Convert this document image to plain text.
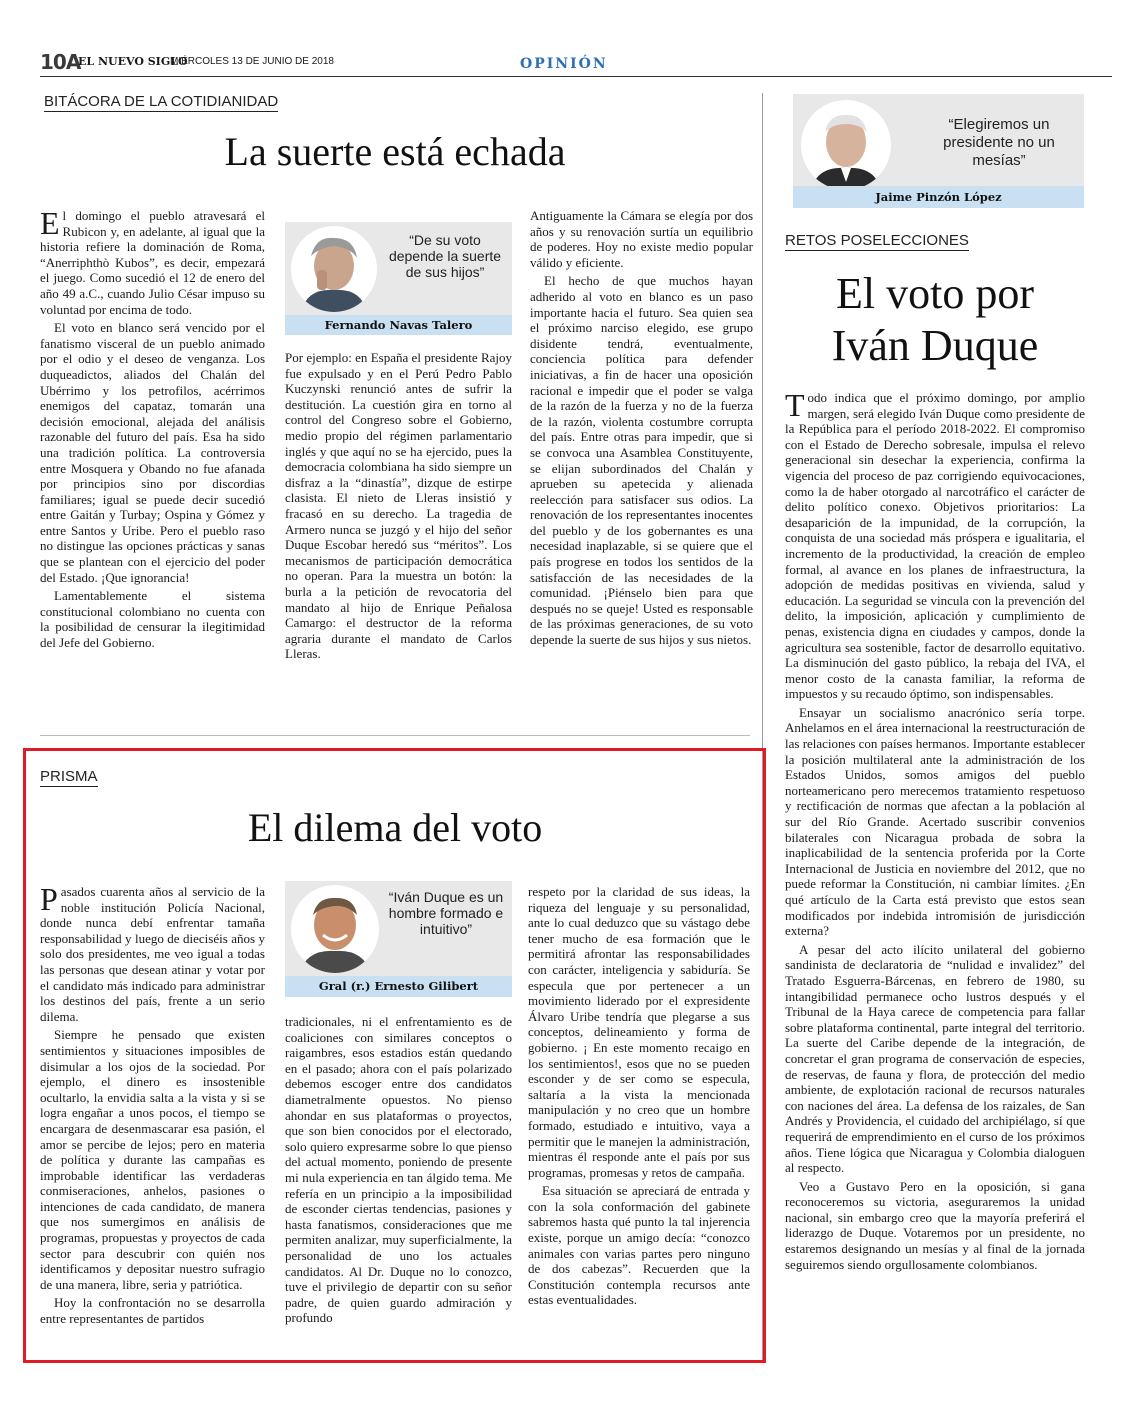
10A
EL NUEVO SIGLO
MIÉRCOLES 13 DE JUNIO DE 2018	OPINIÓN
BITÁCORA DE LA COTIDIANIDAD
La suerte está echada

El domingo el pueblo atravesará el Rubicon y, en adelante, al igual que la historia refiere la dominación de Roma, “Anerriphthò Kubos”, es decir, empezará el juego. Como sucedió el 12 de enero del año 49 a.C., cuando Julio César impuso su voluntad por encima de todo.

El voto en blanco será vencido por el fanatismo visceral de un pueblo animado por el odio y el deseo de venganza. Los duqueadictos, aliados del Chalán del Ubérrimo y los petrofilos, acérrimos enemigos del capataz, tomarán una decisión emocional, alejada del análisis razonable del futuro del país. Esa ha sido una tradición política. La controversia entre Mosquera y Obando no fue afanada por principios sino por discordias familiares; igual se puede decir sucedió entre Gaitán y Turbay; Ospina y Gómez y entre Santos y Uribe. Pero el pueblo raso no distingue las opciones prácticas y sanas que se plantean con el ejercicio del poder del Estado. ¡Que ignorancia!

Lamentablemente el sistema constitucional colombiano no cuenta con la posibilidad de censurar la ilegitimidad del Jefe del Gobierno.

“De su voto depende la suerte de sus hijos”
Fernando Navas Talero

Por ejemplo: en España el presidente Rajoy fue expulsado y en el Perú Pedro Pablo Kuczynski renunció antes de sufrir la destitución. La cuestión gira en torno al control del Congreso sobre el Gobierno, medio propio del régimen parlamentario inglés y que aquí no se ha ejercido, pues la democracia colombiana ha sido siempre un disfraz a la “dinastía”, dizque de estirpe clasista. El nieto de Lleras insistió y fracasó en su derecho. La tragedia de Armero nunca se juzgó y el hijo del señor Duque Escobar heredó sus “méritos”. Los mecanismos de participación democrática no operan. Para la muestra un botón: la burla a la petición de revocatoria del mandato al hijo de Enrique Peñalosa Camargo: el destructor de la reforma agraria durante el mandato de Carlos Lleras.

Antiguamente la Cámara se elegía por dos años y su renovación surtía un equilibrio de poderes. Hoy no existe medio popular válido y eficiente.

El hecho de que muchos hayan adherido al voto en blanco es un paso importante hacia el futuro. Sea quien sea el próximo narciso elegido, ese grupo disidente tendrá, eventualmente, conciencia política para defender iniciativas, a fin de hacer una oposición racional e impedir que el poder se valga de la razón de la fuerza y no de la fuerza de la razón, violenta costumbre corrupta del país. Entre otras para impedir, que si se convoca una Asamblea Constituyente, se elijan subordinados del Chalán y aprueben su apetecida y alienada reelección para satisfacer sus odios. La renovación de los representantes inocentes del pueblo y de los gobernantes es una necesidad inaplazable, si se quiere que el país progrese en todos los sentidos de la satisfacción de las necesidades de la comunidad. ¡Piénselo bien para que después no se queje! Usted es responsable de las próximas generaciones, de su voto depende la suerte de sus hijos y sus nietos.

“Elegiremos un presidente no un mesías”
Jaime Pinzón López
RETOS POSELECCIONES
El voto por
Iván Duque

Todo indica que el próximo domingo, por amplio margen, será elegido Iván Duque como presidente de la República para el período 2018-2022. El compromiso con el Estado de Derecho sobresale, impulsa el relevo generacional sin desechar la experiencia, confirma la vigencia del proceso de paz corrigiendo equivocaciones, como la de haber otorgado al narcotráfico el carácter de delito político conexo. Objetivos prioritarios: La desaparición de la impunidad, de la corrupción, la conquista de una sociedad más próspera e igualitaria, el incremento de la productividad, la creación de empleo formal, al avance en los planes de infraestructura, la adopción de medidas positivas en vivienda, salud y educación. La seguridad se vincula con la prevención del delito, la imposición, aplicación y cumplimiento de penas, existencia digna en ciudades y campos, donde la agricultura sea sostenible, factor de desarrollo equitativo. La disminución del gasto público, la rebaja del IVA, el menor costo de la canasta familiar, la reforma de impuestos y su recaudo óptimo, son indispensables.

Ensayar un socialismo anacrónico sería torpe. Anhelamos en el área internacional la reestructuración de las relaciones con países hermanos. Importante establecer la posición multilateral ante la administración de los Estados Unidos, somos amigos del pueblo norteamericano pero merecemos tratamiento respetuoso y rectificación de normas que afectan a la población al sur del Río Grande. Acertado suscribir convenios bilaterales con Nicaragua probada de sobra la inaplicabilidad de la sentencia proferida por la Corte Internacional de Justicia en noviembre del 2012, que no puede reformar la Constitución, ni cambiar límites. ¿En qué artículo de la Carta está previsto que estos sean modificados por indebida intromisión de jurisdicción externa?

A pesar del acto ilícito unilateral del gobierno sandinista de declaratoria de “nulidad e invalidez” del Tratado Esguerra-Bárcenas, en febrero de 1980, su intangibilidad permanece ocho lustros después y el Tribunal de la Haya carece de competencia para fallar sobre plataforma continental, parte integral del territorio. La suerte del Caribe depende de la integración, de concretar el gran programa de conservación de especies, de reservas, de fauna y flora, de protección del medio ambiente, de explotación racional de recursos naturales con naciones del área. La defensa de los raizales, de San Andrés y Providencia, el cuidado del archipiélago, sí que requerirá de emprendimiento en el curso de los próximos años. Tiene lógica que Nicaragua y Colombia dialoguen al respecto.

Veo a Gustavo Pero en la oposición, si gana reconoceremos su victoria, aseguraremos la unidad nacional, sin embargo creo que la mayoría preferirá el liderazgo de Duque. Votaremos por un presidente, no estaremos designando un mesías y al final de la jornada seguiremos siendo orgullosamente colombianos.

PRISMA
El dilema del voto

Pasados cuarenta años al servicio de la noble institución Policía Nacional, donde nunca debí enfrentar tamaña responsabilidad y luego de dieciséis años y solo dos presidentes, me veo igual a todas las personas que desean atinar y votar por el candidato más indicado para administrar los destinos del país, frente a un serio dilema.

Siempre he pensado que existen sentimientos y situaciones imposibles de disimular a los ojos de la sociedad. Por ejemplo, el dinero es insostenible ocultarlo, la envidia salta a la vista y si se logra engañar a unos pocos, el tiempo se encargara de desenmascarar esa pasión, el amor se percibe de lejos; pero en materia de política y durante las campañas es improbable identificar las verdaderas conmiseraciones, anhelos, pasiones o intenciones de cada candidato, de manera que nos sumergimos en análisis de programas, propuestas y proyectos de cada sector para descubrir con quién nos identificamos y depositar nuestro sufragio de una manera, libre, seria y patriótica.

Hoy la confrontación no se desarrolla entre representantes de partidos

“Iván Duque es un hombre formado e intuitivo”
Gral (r.) Ernesto Gilibert

tradicionales, ni el enfrentamiento es de coaliciones con similares conceptos o raigambres, esos estadios están quedando en el pasado; ahora con el país polarizado debemos escoger entre dos candidatos diametralmente opuestos. No pienso ahondar en sus plataformas o proyectos, que son bien conocidos por el electorado, solo quiero expresarme sobre lo que pienso del actual momento, poniendo de presente mi nula experiencia en tan álgido tema. Me refería en un principio a la imposibilidad de esconder ciertas tendencias, pasiones y hasta fanatismos, consideraciones que me permiten analizar, muy superficialmente, la personalidad de uno los actuales candidatos. Al Dr. Duque no lo conozco, tuve el privilegio de departir con su señor padre, de quien guardo admiración y profundo

respeto por la claridad de sus ideas, la riqueza del lenguaje y su personalidad, ante lo cual deduzco que su vástago debe tener mucho de esa formación que le permitirá afrontar las responsabilidades con carácter, inteligencia y sabiduría. Se especula que por pertenecer a un movimiento liderado por el expresidente Álvaro Uribe tendría que plegarse a sus conceptos, delineamiento y forma de gobierno. ¡ En este momento recaigo en los sentimientos!, esos que no se pueden esconder y de ser como se especula, saltaría a la vista la mencionada manipulación y no creo que un hombre formado, estudiado e intuitivo, vaya a permitir que le manejen la administración, mientras él responde ante el país por sus programas, promesas y retos de campaña.

Esa situación se apreciará de entrada y con la sola conformación del gabinete sabremos hasta qué punto la tal injerencia existe, porque un amigo decía: “conozco animales con varias partes pero ninguno de dos cabezas”. Recuerden que la Constitución contempla recursos ante estas eventualidades.
